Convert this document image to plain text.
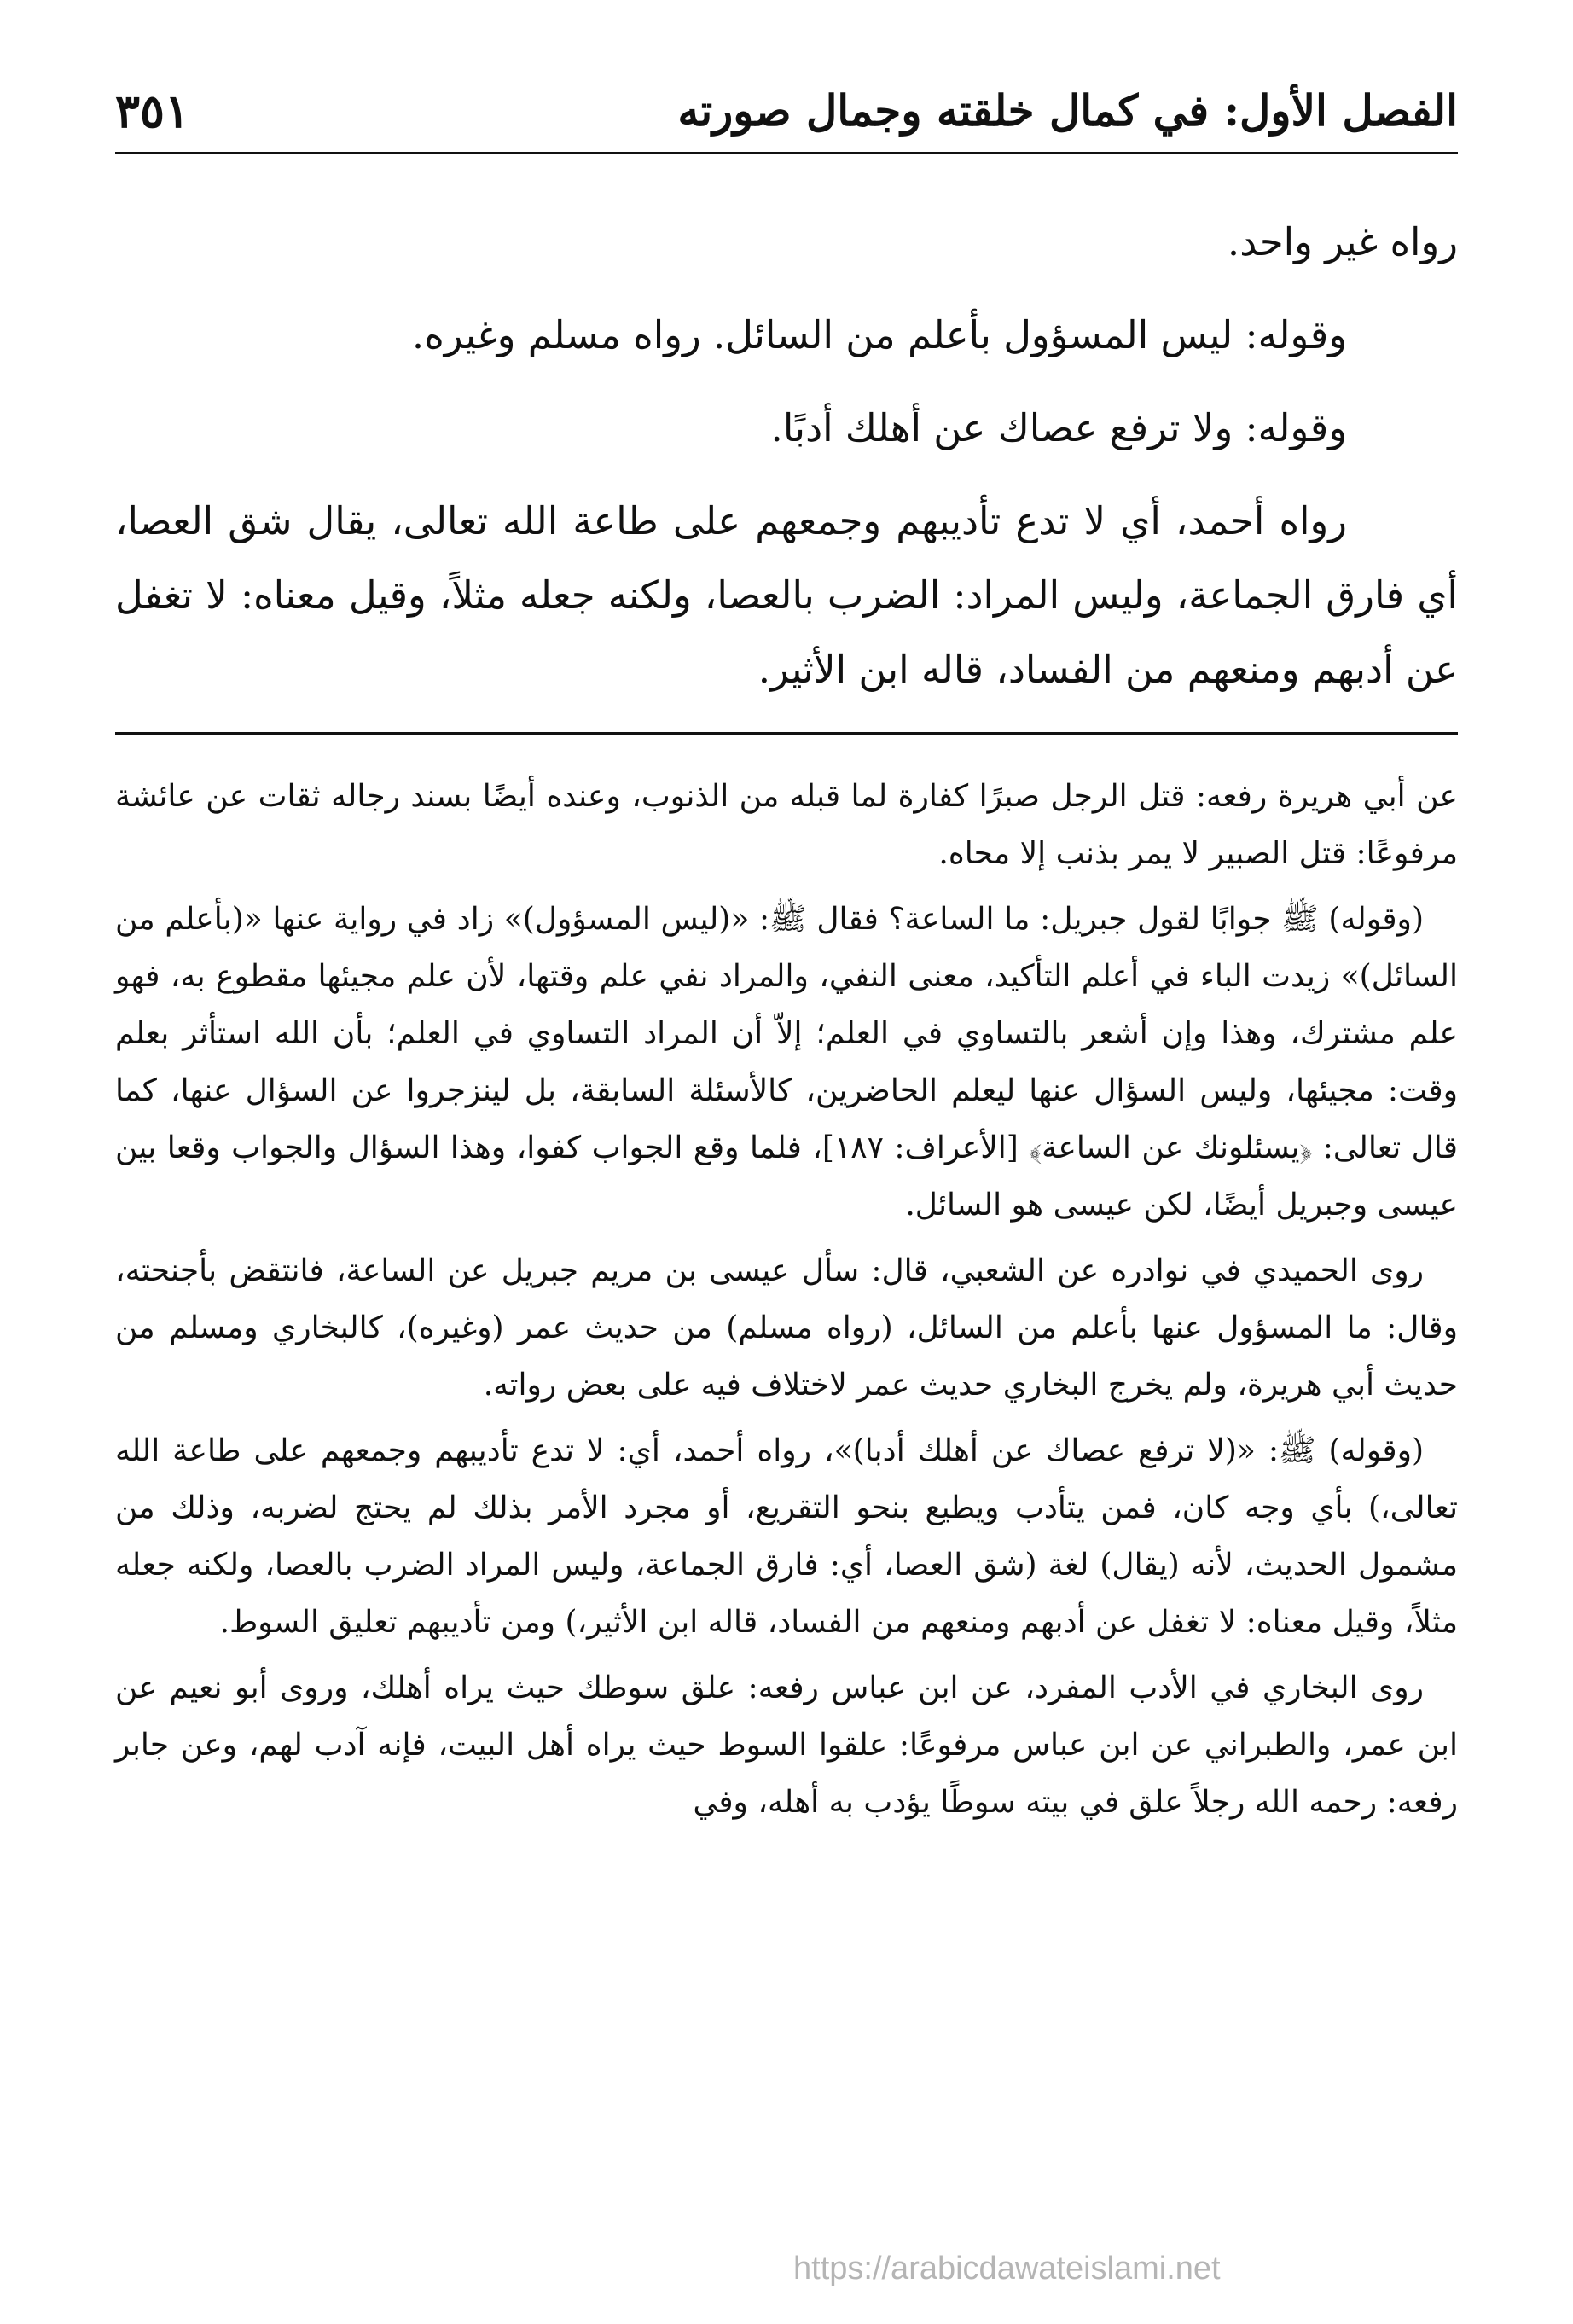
الفصل الأول: في كمال خلقته وجمال صورته
٣٥١

رواه غير واحد.

وقوله: ليس المسؤول بأعلم من السائل. رواه مسلم وغيره.

وقوله: ولا ترفع عصاك عن أهلك أدبًا.

رواه أحمد، أي لا تدع تأديبهم وجمعهم على طاعة الله تعالى، يقال شق العصا، أي فارق الجماعة، وليس المراد: الضرب بالعصا، ولكنه جعله مثلاً، وقيل معناه: لا تغفل عن أدبهم ومنعهم من الفساد، قاله ابن الأثير.

عن أبي هريرة رفعه: قتل الرجل صبرًا كفارة لما قبله من الذنوب، وعنده أيضًا بسند رجاله ثقات عن عائشة مرفوعًا: قتل الصبير لا يمر بذنب إلا محاه.

(وقوله) ﷺ جوابًا لقول جبريل: ما الساعة؟ فقال ﷺ: «(ليس المسؤول)» زاد في رواية عنها «(بأعلم من السائل)» زيدت الباء في أعلم التأكيد، معنى النفي، والمراد نفي علم وقتها، لأن علم مجيئها مقطوع به، فهو علم مشترك، وهذا وإن أشعر بالتساوي في العلم؛ إلاّ أن المراد التساوي في العلم؛ بأن الله استأثر بعلم وقت: مجيئها، وليس السؤال عنها ليعلم الحاضرين، كالأسئلة السابقة، بل لينزجروا عن السؤال عنها، كما قال تعالى: ﴿يسئلونك عن الساعة﴾ [الأعراف: ١٨٧]، فلما وقع الجواب كفوا، وهذا السؤال والجواب وقعا بين عيسى وجبريل أيضًا، لكن عيسى هو السائل.

روى الحميدي في نوادره عن الشعبي، قال: سأل عيسى بن مريم جبريل عن الساعة، فانتقض بأجنحته، وقال: ما المسؤول عنها بأعلم من السائل، (رواه مسلم) من حديث عمر (وغيره)، كالبخاري ومسلم من حديث أبي هريرة، ولم يخرج البخاري حديث عمر لاختلاف فيه على بعض رواته.

(وقوله) ﷺ: «(لا ترفع عصاك عن أهلك أدبا)»، رواه أحمد، أي: لا تدع تأديبهم وجمعهم على طاعة الله تعالى،) بأي وجه كان، فمن يتأدب ويطيع بنحو التقريع، أو مجرد الأمر بذلك لم يحتج لضربه، وذلك من مشمول الحديث، لأنه (يقال) لغة (شق العصا، أي: فارق الجماعة، وليس المراد الضرب بالعصا، ولكنه جعله مثلاً، وقيل معناه: لا تغفل عن أدبهم ومنعهم من الفساد، قاله ابن الأثير،) ومن تأديبهم تعليق السوط.

روى البخاري في الأدب المفرد، عن ابن عباس رفعه: علق سوطك حيث يراه أهلك، وروى أبو نعيم عن ابن عمر، والطبراني عن ابن عباس مرفوعًا: علقوا السوط حيث يراه أهل البيت، فإنه آدب لهم، وعن جابر رفعه: رحمه الله رجلاً علق في بيته سوطًا يؤدب به أهله، وفي

https://arabicdawateislami.net
